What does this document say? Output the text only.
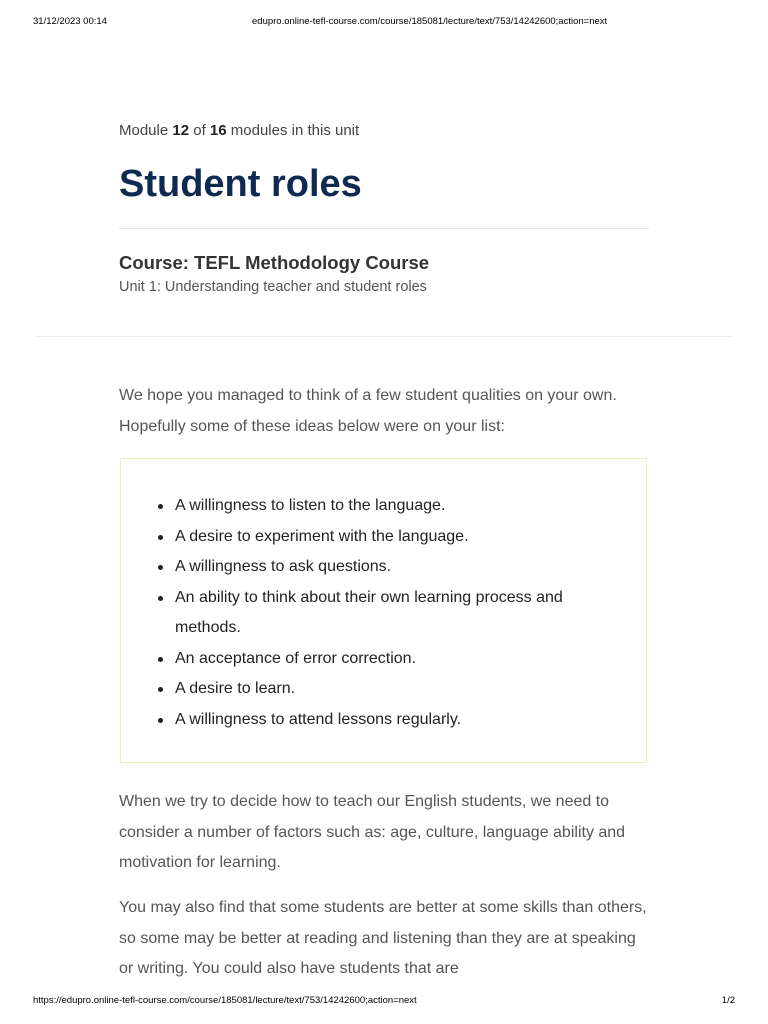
31/12/2023 00:14	edupro.online-tefl-course.com/course/185081/lecture/text/753/14242600;action=next
Module 12 of 16 modules in this unit
Student roles
Course: TEFL Methodology Course
Unit 1: Understanding teacher and student roles

We hope you managed to think of a few student qualities on your own. Hopefully some of these ideas below were on your list:

A willingness to listen to the language.
A desire to experiment with the language.
A willingness to ask questions.
An ability to think about their own learning process and methods.
An acceptance of error correction.
A desire to learn.
A willingness to attend lessons regularly.

When we try to decide how to teach our English students, we need to consider a number of factors such as: age, culture, language ability and motivation for learning.

You may also find that some students are better at some skills than others, so some may be better at reading and listening than they are at speaking or writing. You could also have students that are

https://edupro.online-tefl-course.com/course/185081/lecture/text/753/14242600;action=next	1/2
